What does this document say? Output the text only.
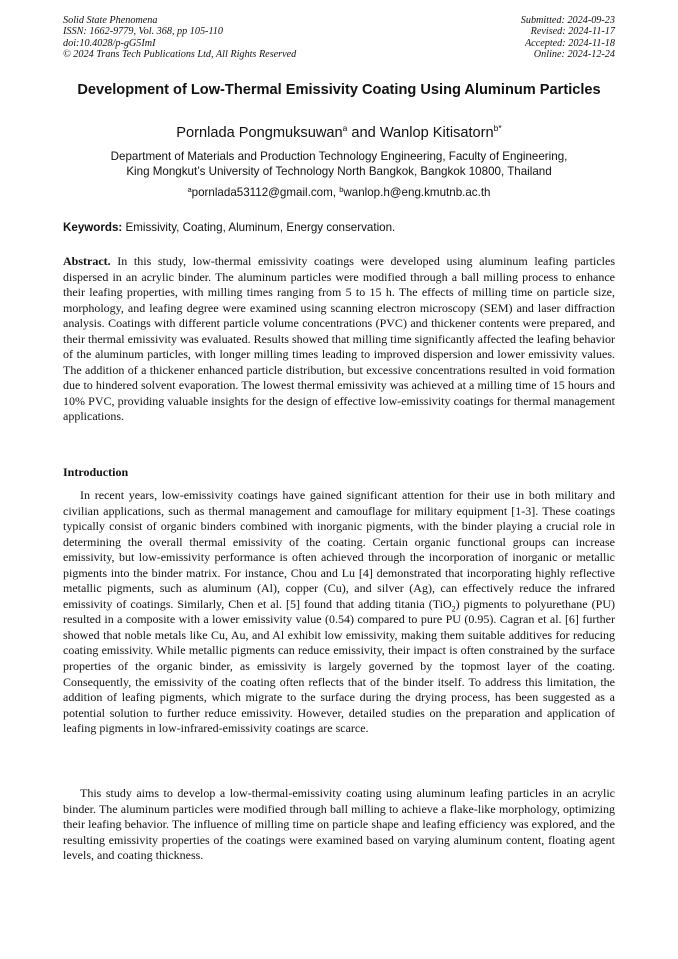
Solid State Phenomena
ISSN: 1662-9779, Vol. 368, pp 105-110
doi:10.4028/p-gG5ImI
© 2024 Trans Tech Publications Ltd, All Rights Reserved
Submitted: 2024-09-23
Revised: 2024-11-17
Accepted: 2024-11-18
Online: 2024-12-24
Development of Low-Thermal Emissivity Coating Using Aluminum Particles
Pornlada Pongmuksuwan$^a$ and Wanlop Kitisatorn$^{b*}$
Department of Materials and Production Technology Engineering, Faculty of Engineering,
King Mongkut’s University of Technology North Bangkok, Bangkok 10800, Thailand
$^a$pornlada53112@gmail.com, $^b$wanlop.h@eng.kmutnb.ac.th
Keywords: Emissivity, Coating, Aluminum, Energy conservation.
Abstract. In this study, low-thermal emissivity coatings were developed using aluminum leafing particles dispersed in an acrylic binder. The aluminum particles were modified through a ball milling process to enhance their leafing properties, with milling times ranging from 5 to 15 h. The effects of milling time on particle size, morphology, and leafing degree were examined using scanning electron microscopy (SEM) and laser diffraction analysis. Coatings with different particle volume concentrations (PVC) and thickener contents were prepared, and their thermal emissivity was evaluated. Results showed that milling time significantly affected the leafing behavior of the aluminum particles, with longer milling times leading to improved dispersion and lower emissivity values. The addition of a thickener enhanced particle distribution, but excessive concentrations resulted in void formation due to hindered solvent evaporation. The lowest thermal emissivity was achieved at a milling time of 15 hours and 10% PVC, providing valuable insights for the design of effective low-emissivity coatings for thermal management applications.
Introduction

In recent years, low-emissivity coatings have gained significant attention for their use in both military and civilian applications, such as thermal management and camouflage for military equipment [1-3]. These coatings typically consist of organic binders combined with inorganic pigments, with the binder playing a crucial role in determining the overall thermal emissivity of the coating. Certain organic functional groups can increase emissivity, but low-emissivity performance is often achieved through the incorporation of inorganic or metallic pigments into the binder matrix. For instance, Chou and Lu [4] demonstrated that incorporating highly reflective metallic pigments, such as aluminum (Al), copper (Cu), and silver (Ag), can effectively reduce the infrared emissivity of coatings. Similarly, Chen et al. [5] found that adding titania (TiO$_2$) pigments to polyurethane (PU) resulted in a composite with a lower emissivity value (0.54) compared to pure PU (0.95). Cagran et al. [6] further showed that noble metals like Cu, Au, and Al exhibit low emissivity, making them suitable additives for reducing coating emissivity. While metallic pigments can reduce emissivity, their impact is often constrained by the surface properties of the organic binder, as emissivity is largely governed by the topmost layer of the coating. Consequently, the emissivity of the coating often reflects that of the binder itself. To address this limitation, the addition of leafing pigments, which migrate to the surface during the drying process, has been suggested as a potential solution to further reduce emissivity. However, detailed studies on the preparation and application of leafing pigments in low-infrared-emissivity coatings are scarce.

This study aims to develop a low-thermal-emissivity coating using aluminum leafing particles in an acrylic binder. The aluminum particles were modified through ball milling to achieve a flake-like morphology, optimizing their leafing behavior. The influence of milling time on particle shape and leafing efficiency was explored, and the resulting emissivity properties of the coatings were examined based on varying aluminum content, floating agent levels, and coating thickness.
